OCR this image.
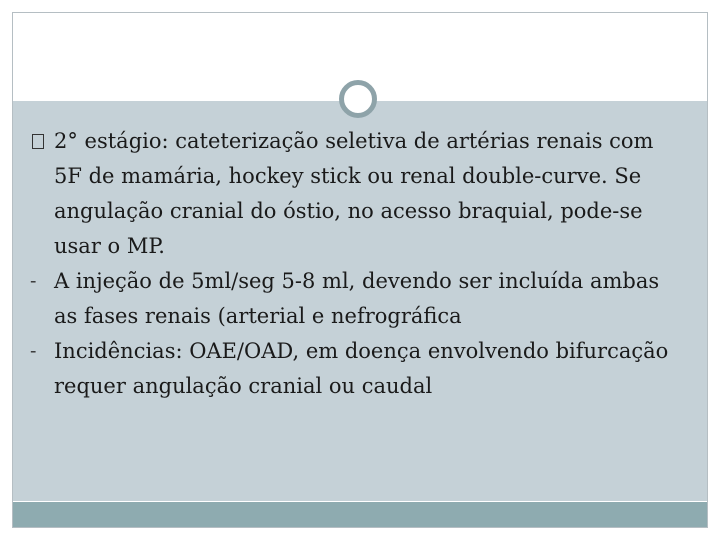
2° estágio: cateterização seletiva de artérias renais com 5F de mamária, hockey stick ou renal double-curve. Se angulação cranial do óstio, no acesso braquial, pode-se usar o MP.
- A injeção de 5ml/seg 5-8 ml, devendo ser incluída ambas as fases renais (arterial e nefrográfica
- Incidências: OAE/OAD, em doença envolvendo bifurcação requer angulação cranial ou caudal
